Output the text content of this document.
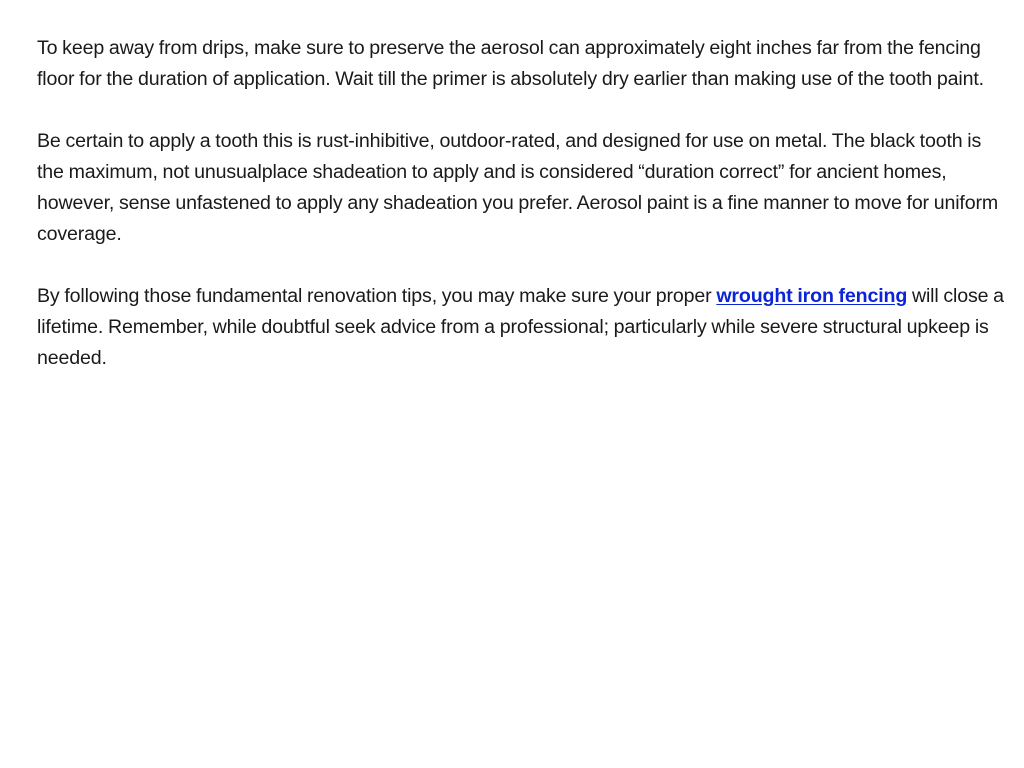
To keep away from drips, make sure to preserve the aerosol can approximately eight inches far from the fencing floor for the duration of application. Wait till the primer is absolutely dry earlier than making use of the tooth paint.

Be certain to apply a tooth this is rust-inhibitive, outdoor-rated, and designed for use on metal. The black tooth is the maximum, not unusualplace shadeation to apply and is considered “duration correct” for ancient homes, however, sense unfastened to apply any shadeation you prefer. Aerosol paint is a fine manner to move for uniform coverage.

By following those fundamental renovation tips, you may make sure your proper wrought iron fencing will close a lifetime. Remember, while doubtful seek advice from a professional; particularly while severe structural upkeep is needed.
